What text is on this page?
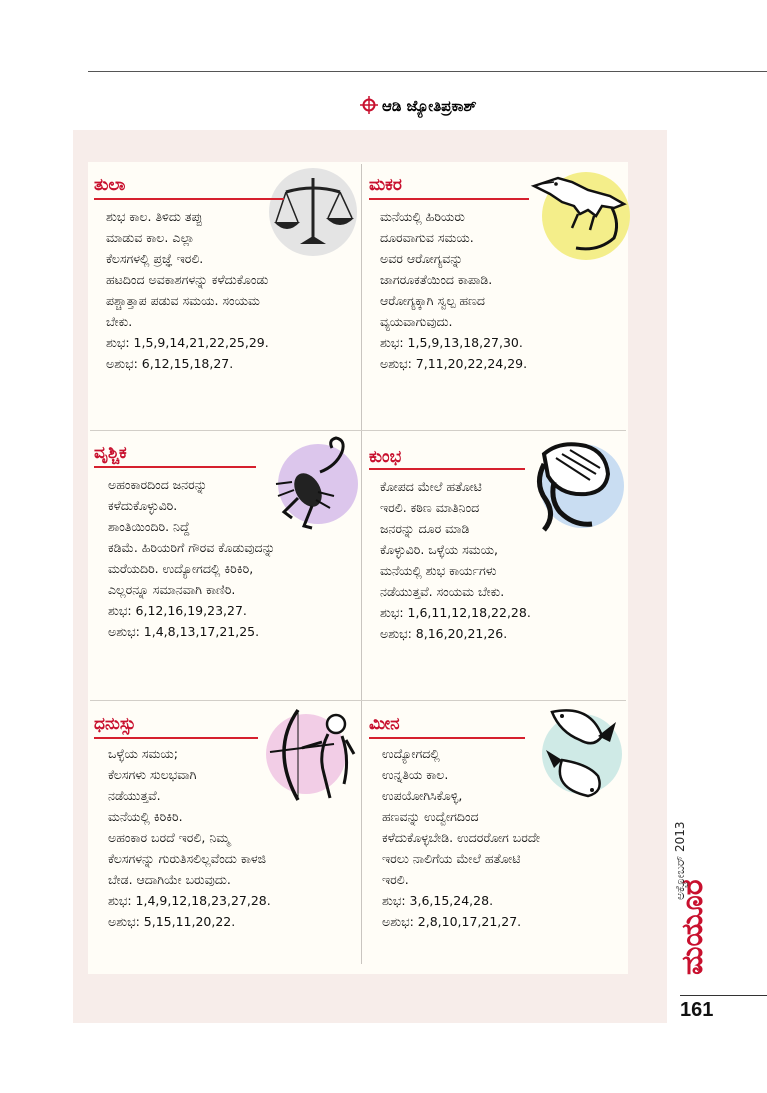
ಆಡಿ ಜ್ಯೋತಿಪ್ರಕಾಶ್
ತುಲಾ
ಶುಭ ಕಾಲ. ತಿಳಿದು ತಪ್ಪು
ಮಾಡುವ ಕಾಲ. ಎಲ್ಲಾ
ಕೆಲಸಗಳಲ್ಲಿ ಪ್ರಜ್ಞೆ ಇರಲಿ.
ಹಟದಿಂದ ಅವಕಾಶಗಳನ್ನು ಕಳೆದುಕೊಂಡು
ಪಶ್ಚಾತ್ತಾಪ ಪಡುವ ಸಮಯ. ಸಂಯಮ
ಬೇಕು.
ಶುಭ: 1,5,9,14,21,22,25,29.
ಅಶುಭ: 6,12,15,18,27.
ಮಕರ
ಮನೆಯಲ್ಲಿ ಹಿರಿಯರು
ದೂರವಾಗುವ ಸಮಯ.
ಅವರ ಆರೋಗ್ಯವನ್ನು
ಜಾಗರೂಕತೆಯಿಂದ ಕಾಪಾಡಿ.
ಆರೋಗ್ಯಕ್ಕಾಗಿ ಸ್ವಲ್ಪ ಹಣದ
ವ್ಯಯವಾಗುವುದು.
ಶುಭ: 1,5,9,13,18,27,30.
ಅಶುಭ: 7,11,20,22,24,29.
ವೃಶ್ಚಿಕ
ಅಹಂಕಾರದಿಂದ ಜನರನ್ನು
ಕಳೆದುಕೊಳ್ಳುವಿರಿ.
ಶಾಂತಿಯಿಂದಿರಿ. ನಿದ್ದೆ
ಕಡಿಮೆ. ಹಿರಿಯರಿಗೆ ಗೌರವ ಕೊಡುವುದನ್ನು
ಮರೆಯದಿರಿ. ಉದ್ಯೋಗದಲ್ಲಿ ಕಿರಿಕಿರಿ,
ಎಲ್ಲರನ್ನೂ ಸಮಾನವಾಗಿ ಕಾಣಿರಿ.
ಶುಭ: 6,12,16,19,23,27.
ಅಶುಭ: 1,4,8,13,17,21,25.
ಕುಂಭ
ಕೋಪದ ಮೇಲೆ ಹತೋಟಿ
ಇರಲಿ. ಕಠಿಣ ಮಾತಿನಿಂದ
ಜನರನ್ನು ದೂರ ಮಾಡಿ
ಕೊಳ್ಳುವಿರಿ. ಒಳ್ಳೆಯ ಸಮಯ,
ಮನೆಯಲ್ಲಿ ಶುಭ ಕಾರ್ಯಗಳು
ನಡೆಯುತ್ತವೆ. ಸಂಯಮ ಬೇಕು.
ಶುಭ: 1,6,11,12,18,22,28.
ಅಶುಭ: 8,16,20,21,26.
ಧನುಸ್ಸು
ಒಳ್ಳೆಯ ಸಮಯ;
ಕೆಲಸಗಳು ಸುಲಭವಾಗಿ
ನಡೆಯುತ್ತವೆ.
ಮನೆಯಲ್ಲಿ ಕಿರಿಕಿರಿ.
ಅಹಂಕಾರ ಬರದೆ ಇರಲಿ, ನಿಮ್ಮ
ಕೆಲಸಗಳನ್ನು ಗುರುತಿಸಲಿಲ್ಲವೆಂದು ಕಾಳಜಿ
ಬೇಡ. ಆದಾಗಿಯೇ ಬರುವುದು.
ಶುಭ: 1,4,9,12,18,23,27,28.
ಅಶುಭ: 5,15,11,20,22.
ಮೀನ
ಉದ್ಯೋಗದಲ್ಲಿ
ಉನ್ನತಿಯ ಕಾಲ.
ಉಪಯೋಗಿಸಿಕೊಳ್ಳಿ,
ಹಣವನ್ನು ಉದ್ವೇಗದಿಂದ
ಕಳೆದುಕೊಳ್ಳಬೇಡಿ. ಉದರರೋಗ ಬರದೇ
ಇರಲು ನಾಲಿಗೆಯ ಮೇಲೆ ಹತೋಟಿ
ಇರಲಿ.
ಶುಭ: 3,6,15,24,28.
ಅಶುಭ: 2,8,10,17,21,27.	ಮಯೂರ
ಅಕ್ಟೋಬರ್ 2013
161
